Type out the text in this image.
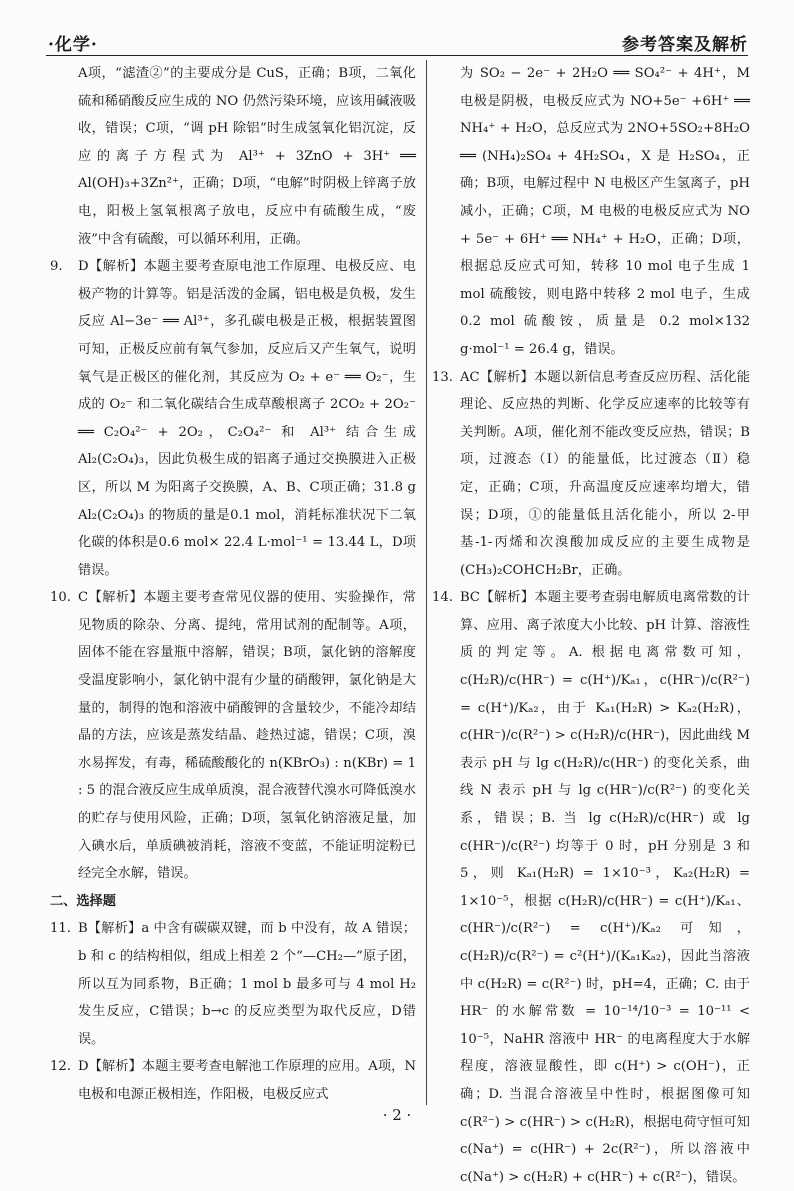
·化学·	参考答案及解析
A项，“滤渣②”的主要成分是 CuS，正确；B项，二氧化硫和稀硝酸反应生成的 NO 仍然污染环境，应该用碱液吸收，错误；C项，“调 pH 除铝”时生成氢氧化铝沉淀，反应的离子方程式为 Al³⁺ + 3ZnO + 3H⁺ ══ Al(OH)₃+3Zn²⁺，正确；D项，“电解”时阴极上锌离子放电，阳极上氢氧根离子放电，反应中有硫酸生成，“废液”中含有硫酸，可以循环利用，正确。
9. D【解析】本题主要考查原电池工作原理、电极反应、电极产物的计算等。铝是活泼的金属，铝电极是负极，发生反应 Al−3e⁻ ══ Al³⁺，多孔碳电极是正极，根据装置图可知，正极反应前有氧气参加，反应后又产生氧气，说明氧气是正极区的催化剂，其反应为 O₂ + e⁻ ══ O₂⁻，生成的 O₂⁻ 和二氧化碳结合生成草酸根离子 2CO₂ + 2O₂⁻ ══ C₂O₄²⁻ + 2O₂，C₂O₄²⁻ 和 Al³⁺ 结合生成 Al₂(C₂O₄)₃，因此负极生成的铝离子通过交换膜进入正极区，所以 M 为阳离子交换膜，A、B、C项正确；31.8 g Al₂(C₂O₄)₃ 的物质的量是0.1 mol，消耗标准状况下二氧化碳的体积是0.6 mol× 22.4 L·mol⁻¹ = 13.44 L，D项错误。
10. C【解析】本题主要考查常见仪器的使用、实验操作，常见物质的除杂、分离、提纯，常用试剂的配制等。A项，固体不能在容量瓶中溶解，错误；B项，氯化钠的溶解度受温度影响小，氯化钠中混有少量的硝酸钾，氯化钠是大量的，制得的饱和溶液中硝酸钾的含量较少，不能冷却结晶的方法，应该是蒸发结晶、趁热过滤，错误；C项，溴水易挥发，有毒，稀硫酸酸化的 n(KBrO₃) : n(KBr) = 1 : 5 的混合液反应生成单质溴，混合液替代溴水可降低溴水的贮存与使用风险，正确；D项，氢氧化钠溶液足量，加入碘水后，单质碘被消耗，溶液不变蓝，不能证明淀粉已经完全水解，错误。
二、选择题
11. B【解析】a 中含有碳碳双键，而 b 中没有，故 A 错误；b 和 c 的结构相似，组成上相差 2 个“—CH₂—”原子团，所以互为同系物，B正确；1 mol b 最多可与 4 mol H₂ 发生反应，C错误；b→c 的反应类型为取代反应，D错误。
12. D【解析】本题主要考查电解池工作原理的应用。A项，N电极和电源正极相连，作阳极，电极反应式
为 SO₂ − 2e⁻ + 2H₂O ══ SO₄²⁻ + 4H⁺，M 电极是阴极，电极反应式为 NO+5e⁻ +6H⁺ ══ NH₄⁺ + H₂O，总反应式为 2NO+5SO₂+8H₂O ══ (NH₄)₂SO₄ + 4H₂SO₄，X 是 H₂SO₄，正确；B项，电解过程中 N 电极区产生氢离子，pH 减小，正确；C项，M 电极的电极反应式为 NO + 5e⁻ + 6H⁺ ══ NH₄⁺ + H₂O，正确；D项，根据总反应式可知，转移 10 mol 电子生成 1 mol 硫酸铵，则电路中转移 2 mol 电子，生成 0.2 mol 硫酸铵，质量是 0.2 mol×132 g·mol⁻¹ = 26.4 g，错误。
13. AC【解析】本题以新信息考查反应历程、活化能理论、反应热的判断、化学反应速率的比较等有关判断。A项，催化剂不能改变反应热，错误；B项，过渡态（Ⅰ）的能量低，比过渡态（Ⅱ）稳定，正确；C项，升高温度反应速率均增大，错误；D项，①的能量低且活化能小，所以 2-甲基-1-丙烯和次溴酸加成反应的主要生成物是(CH₃)₂COHCH₂Br，正确。
14. BC【解析】本题主要考查弱电解质电离常数的计算、应用、离子浓度大小比较、pH 计算、溶液性质的判定等。A. 根据电离常数可知，c(H₂R)/c(HR⁻) = c(H⁺)/Kₐ₁，c(HR⁻)/c(R²⁻) = c(H⁺)/Kₐ₂，由于 Kₐ₁(H₂R) > Kₐ₂(H₂R)，c(HR⁻)/c(R²⁻) > c(H₂R)/c(HR⁻)，因此曲线 M 表示 pH 与 lg c(H₂R)/c(HR⁻) 的变化关系，曲线 N 表示 pH 与 lg c(HR⁻)/c(R²⁻) 的变化关系，错误；B. 当 lg c(H₂R)/c(HR⁻) 或 lg c(HR⁻)/c(R²⁻) 均等于 0 时，pH 分别是 3 和 5，则 Kₐ₁(H₂R) = 1×10⁻³，Kₐ₂(H₂R) = 1×10⁻⁵，根据 c(H₂R)/c(HR⁻) = c(H⁺)/Kₐ₁、c(HR⁻)/c(R²⁻) = c(H⁺)/Kₐ₂ 可知，c(H₂R)/c(R²⁻) = c²(H⁺)/(Kₐ₁Kₐ₂)，因此当溶液中 c(H₂R) = c(R²⁻) 时，pH=4，正确；C. 由于 HR⁻ 的水解常数 = 10⁻¹⁴/10⁻³ = 10⁻¹¹ < 10⁻⁵，NaHR 溶液中 HR⁻ 的电离程度大于水解程度，溶液显酸性，即 c(H⁺) > c(OH⁻)，正确；D. 当混合溶液呈中性时，根据图像可知 c(R²⁻) > c(HR⁻) > c(H₂R)，根据电荷守恒可知 c(Na⁺) = c(HR⁻) + 2c(R²⁻)，所以溶液中 c(Na⁺) > c(H₂R) + c(HR⁻) + c(R²⁻)，错误。
· 2 ·
